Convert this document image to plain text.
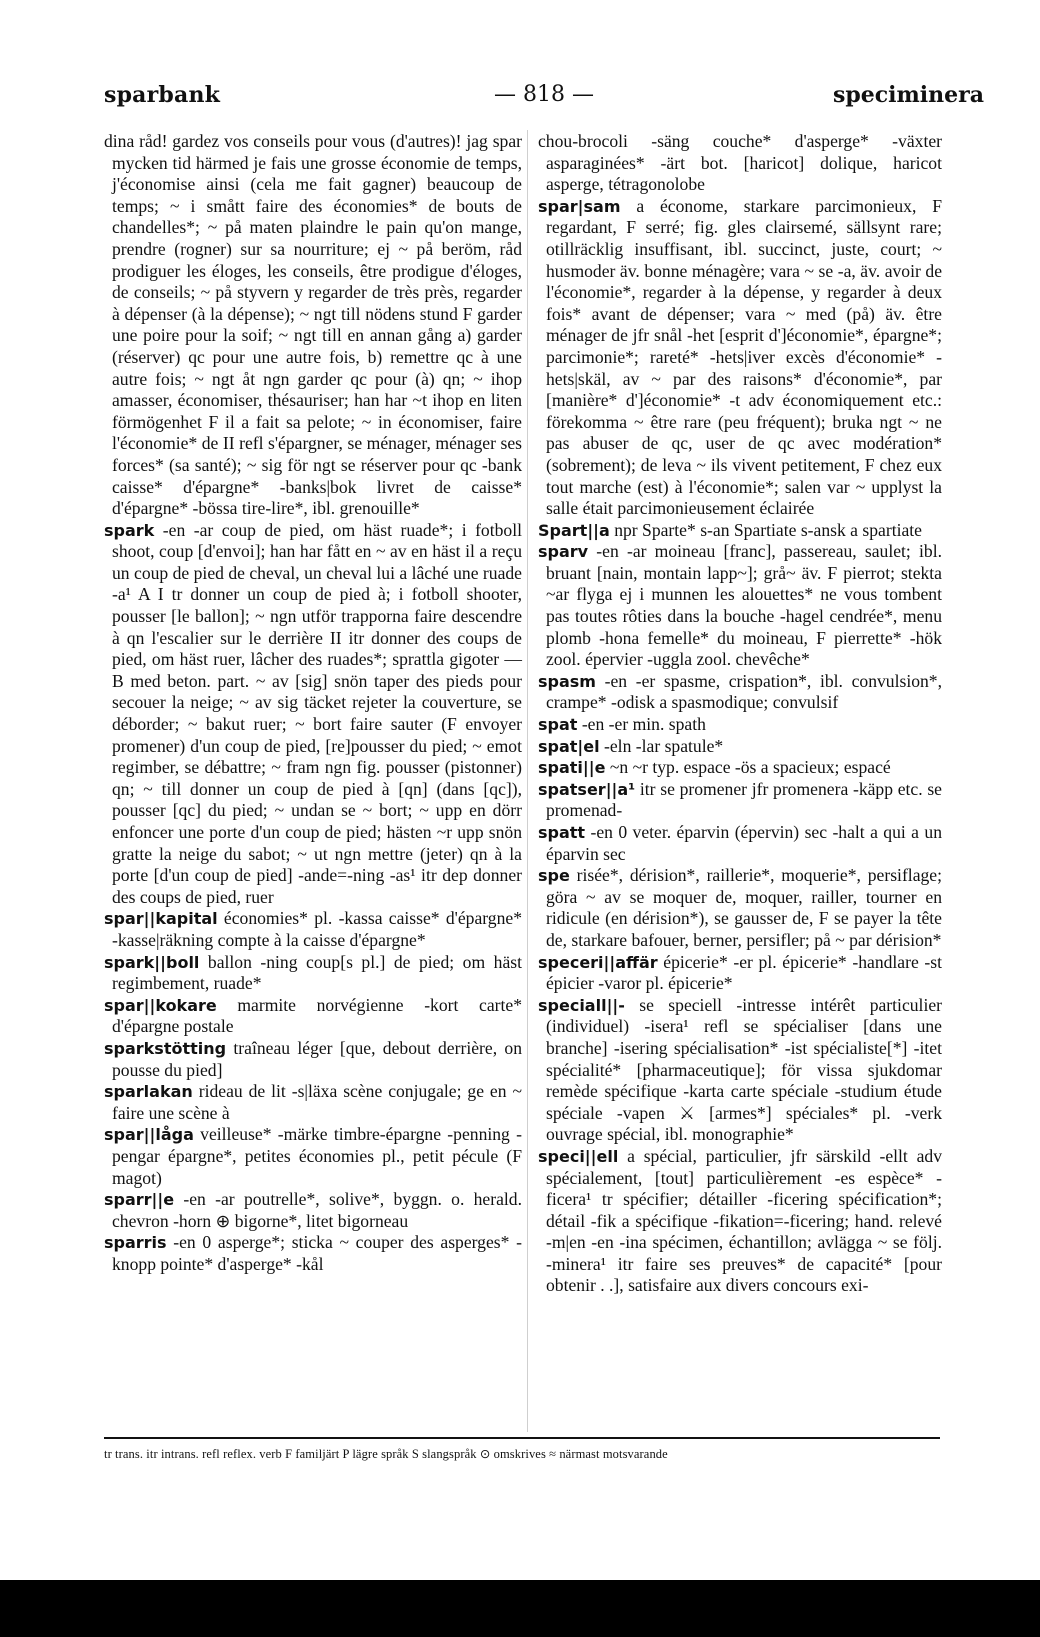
sparbank	— 818 —	speciminera

dina råd! gardez vos conseils pour vous (d'autres)! jag spar mycken tid härmed je fais une grosse économie de temps, j'économise ainsi (cela me fait gagner) beaucoup de temps; ~ i smått faire des économies* de bouts de chandelles*; ~ på maten plaindre le pain qu'on mange, prendre (rogner) sur sa nourriture; ej ~ på beröm, råd prodiguer les éloges, les conseils, être prodigue d'éloges, de conseils; ~ på styvern y regarder de très près, regarder à dépenser (à la dépense); ~ ngt till nödens stund F garder une poire pour la soif; ~ ngt till en annan gång a) garder (réserver) qc pour une autre fois, b) remettre qc à une autre fois; ~ ngt åt ngn garder qc pour (à) qn; ~ ihop amasser, économiser, thésauriser; han har ~t ihop en liten förmögenhet F il a fait sa pelote; ~ in économiser, faire l'économie* de II refl s'épargner, se ménager, ménager ses forces* (sa santé); ~ sig för ngt se réserver pour qc -bank caisse* d'épargne* -banks|bok livret de caisse* d'épargne* -bössa tire-lire*, ibl. grenouille*

spark -en -ar coup de pied, om häst ruade*; i fotboll shoot, coup [d'envoi]; han har fått en ~ av en häst il a reçu un coup de pied de cheval, un cheval lui a lâché une ruade -a¹ A I tr donner un coup de pied à; i fotboll shooter, pousser [le ballon]; ~ ngn utför trapporna faire descendre à qn l'escalier sur le derrière II itr donner des coups de pied, om häst ruer, lâcher des ruades*; sprattla gigoter — B med beton. part. ~ av [sig] snön taper des pieds pour secouer la neige; ~ av sig täcket rejeter la couverture, se déborder; ~ bakut ruer; ~ bort faire sauter (F envoyer promener) d'un coup de pied, [re]pousser du pied; ~ emot regimber, se débattre; ~ fram ngn fig. pousser (pistonner) qn; ~ till donner un coup de pied à [qn] (dans [qc]), pousser [qc] du pied; ~ undan se ~ bort; ~ upp en dörr enfoncer une porte d'un coup de pied; hästen ~r upp snön gratte la neige du sabot; ~ ut ngn mettre (jeter) qn à la porte [d'un coup de pied] -ande=-ning -as¹ itr dep donner des coups de pied, ruer

spar||kapital économies* pl. -kassa caisse* d'épargne* -kasse|räkning compte à la caisse d'épargne*

spark||boll ballon -ning coup[s pl.] de pied; om häst regimbement, ruade*

spar||kokare marmite norvégienne -kort carte* d'épargne postale

sparkstötting traîneau léger [que, debout derrière, on pousse du pied]

sparlakan rideau de lit -s|läxa scène conjugale; ge en ~ faire une scène à

spar||låga veilleuse* -märke timbre-épargne -penning -pengar épargne*, petites économies pl., petit pécule (F magot)

sparr||e -en -ar poutrelle*, solive*, byggn. o. herald. chevron -horn ⊕ bigorne*, litet bigorneau

sparris -en 0 asperge*; sticka ~ couper des asperges* -knopp pointe* d'asperge* -kål

chou-brocoli -säng couche* d'asperge* -växter asparaginées* -ärt bot. [haricot] dolique, haricot asperge, tétragonolobe

spar|sam a économe, starkare parcimonieux, F regardant, F serré; fig. gles clairsemé, sällsynt rare; otillräcklig insuffisant, ibl. succinct, juste, court; ~ husmoder äv. bonne ménagère; vara ~ se -a, äv. avoir de l'économie*, regarder à la dépense, y regarder à deux fois* avant de dépenser; vara ~ med (på) äv. être ménager de jfr snål -het [esprit d']économie*, épargne*; parcimonie*; rareté* -hets|iver excès d'économie* -hets|skäl, av ~ par des raisons* d'économie*, par [manière* d']économie* -t adv économiquement etc.: förekomma ~ être rare (peu fréquent); bruka ngt ~ ne pas abuser de qc, user de qc avec modération* (sobrement); de leva ~ ils vivent petitement, F chez eux tout marche (est) à l'économie*; salen var ~ upplyst la salle était parcimonieusement éclairée

Spart||a npr Sparte* s-an Spartiate s-ansk a spartiate

sparv -en -ar moineau [franc], passereau, saulet; ibl. bruant [nain, montain lapp~]; grå~ äv. F pierrot; stekta ~ar flyga ej i munnen les alouettes* ne vous tombent pas toutes rôties dans la bouche -hagel cendrée*, menu plomb -hona femelle* du moineau, F pierrette* -hök zool. épervier -uggla zool. chevêche*

spasm -en -er spasme, crispation*, ibl. convulsion*, crampe* -odisk a spasmodique; convulsif

spat -en -er min. spath

spat|el -eln -lar spatule*

spati||e ~n ~r typ. espace -ös a spacieux; espacé

spatser||a¹ itr se promener jfr promenera -käpp etc. se promenad-

spatt -en 0 veter. éparvin (épervin) sec -halt a qui a un éparvin sec

spe risée*, dérision*, raillerie*, moquerie*, persiflage; göra ~ av se moquer de, moquer, railler, tourner en ridicule (en dérision*), se gausser de, F se payer la tête de, starkare bafouer, berner, persifler; på ~ par dérision*

speceri||affär épicerie* -er pl. épicerie* -handlare -st épicier -varor pl. épicerie*

speciall||- se speciell -intresse intérêt particulier (individuel) -isera¹ refl se spécialiser [dans une branche] -isering spécialisation* -ist spécialiste[*] -itet spécialité* [pharmaceutique]; för vissa sjukdomar remède spécifique -karta carte spéciale -studium étude spéciale -vapen ⚔ [armes*] spéciales* pl. -verk ouvrage spécial, ibl. monographie*

speci||ell a spécial, particulier, jfr särskild -ellt adv spécialement, [tout] particulièrement -es espèce* -ficera¹ tr spécifier; détailler -ficering spécification*; détail -fik a spécifique -fikation=-ficering; hand. relevé -m|en -en -ina spécimen, échantillon; avlägga ~ se följ. -minera¹ itr faire ses preuves* de capacité* [pour obtenir . .], satisfaire aux divers concours exi-

tr trans. itr intrans. refl reflex. verb F familjärt P lägre språk S slangspråk ⊙ omskrives ≈ närmast motsvarande
